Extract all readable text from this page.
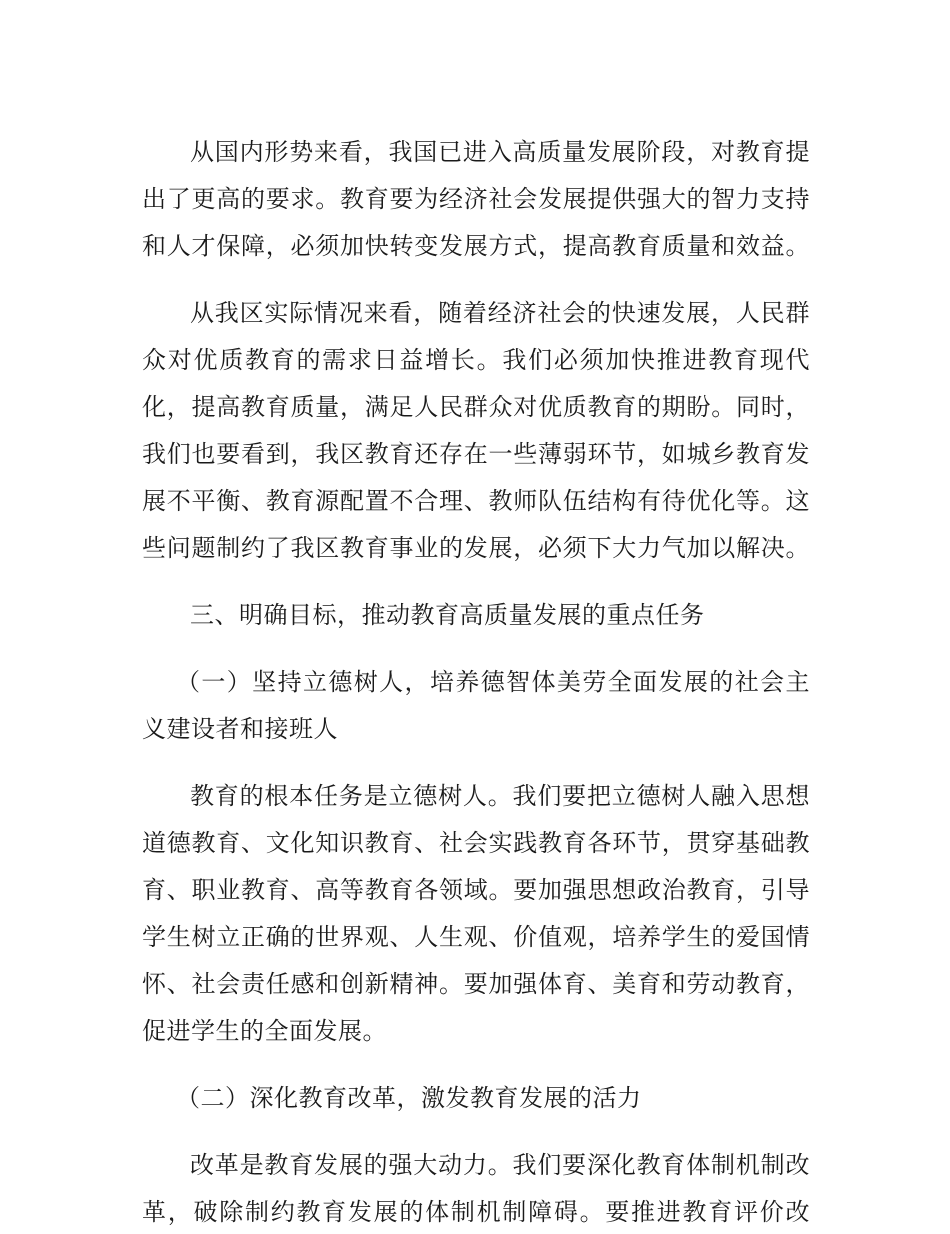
从国内形势来看，我国已进入高质量发展阶段，对教育提

出了更高的要求。教育要为经济社会发展提供强大的智力支持

和人才保障，必须加快转变发展方式，提高教育质量和效益。

从我区实际情况来看，随着经济社会的快速发展，人民群

众对优质教育的需求日益增长。我们必须加快推进教育现代

化，提高教育质量，满足人民群众对优质教育的期盼。同时，

我们也要看到，我区教育还存在一些薄弱环节，如城乡教育发

展不平衡、教育源配置不合理、教师队伍结构有待优化等。这

些问题制约了我区教育事业的发展，必须下大力气加以解决。

三、明确目标，推动教育高质量发展的重点任务

（一）坚持立德树人，培养德智体美劳全面发展的社会主

义建设者和接班人

教育的根本任务是立德树人。我们要把立德树人融入思想

道德教育、文化知识教育、社会实践教育各环节，贯穿基础教

育、职业教育、高等教育各领域。要加强思想政治教育，引导

学生树立正确的世界观、人生观、价值观，培养学生的爱国情

怀、社会责任感和创新精神。要加强体育、美育和劳动教育，

促进学生的全面发展。

（二）深化教育改革，激发教育发展的活力

改革是教育发展的强大动力。我们要深化教育体制机制改

革，破除制约教育发展的体制机制障碍。要推进教育评价改
